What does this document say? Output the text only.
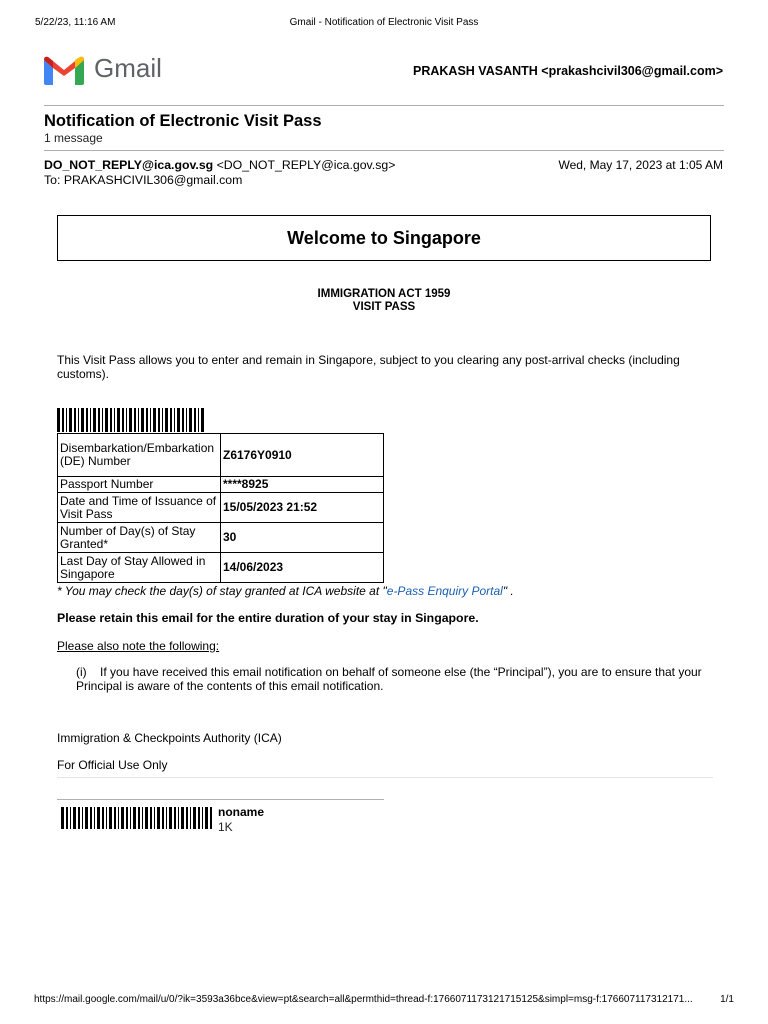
5/22/23, 11:16 AM	Gmail - Notification of Electronic Visit Pass
Gmail	PRAKASH VASANTH <prakashcivil306@gmail.com>
Notification of Electronic Visit Pass
1 message
DO_NOT_REPLY@ica.gov.sg <DO_NOT_REPLY@ica.gov.sg>	Wed, May 17, 2023 at 1:05 AM
To: PRAKASHCIVIL306@gmail.com
Welcome to Singapore
IMMIGRATION ACT 1959
VISIT PASS
This Visit Pass allows you to enter and remain in Singapore, subject to you clearing any post-arrival checks (including customs).
Disembarkation/Embarkation (DE) Number	Z6176Y0910
Passport Number	****8925
Date and Time of Issuance of Visit Pass	15/05/2023 21:52
Number of Day(s) of Stay Granted*	30
Last Day of Stay Allowed in Singapore	14/06/2023
* You may check the day(s) of stay granted at ICA website at "e-Pass Enquiry Portal" .
Please retain this email for the entire duration of your stay in Singapore.
Please also note the following:
(i) If you have received this email notification on behalf of someone else (the “Principal”), you are to ensure that your Principal is aware of the contents of this email notification.
Immigration & Checkpoints Authority (ICA)
For Official Use Only
noname
1K
https://mail.google.com/mail/u/0/?ik=3593a36bce&view=pt&search=all&permthid=thread-f:1766071173121715125&simpl=msg-f:176607117312171...	1/1
